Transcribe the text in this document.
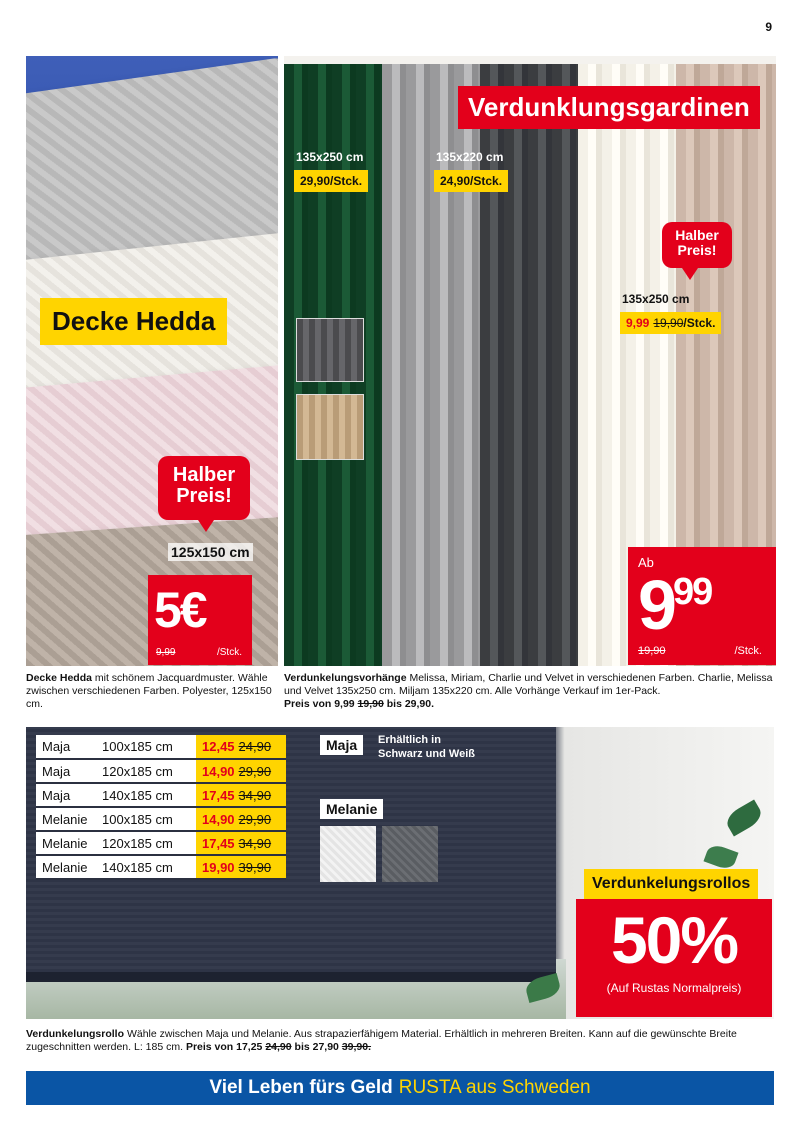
9
Decke Hedda
Halber
Preis!
125x150 cm
5€
9,99	/Stck.
Decke Hedda mit schönem Jacquardmuster. Wähle zwischen verschiedenen Farben. Polyester, 125x150 cm.
Verdunklungsgardinen
135x250 cm
29,90/Stck.
135x220 cm
24,90/Stck.
Halber
Preis!
135x250 cm
9,99 19,90/Stck.
Ab
$9^{99}$
19,90	/Stck.
Verdunkelungsvorhänge Melissa, Miriam, Charlie und Velvet in verschiedenen Farben. Charlie, Melissa und Velvet 135x250 cm. Miljam 135x220 cm. Alle Vorhänge Verkauf im 1er-Pack.
Preis von 9,99 19,90 bis 29,90.
Maja	100x185 cm	12,45 24,90
Maja	120x185 cm	14,90 29,90
Maja	140x185 cm	17,45 34,90
Melanie	100x185 cm	14,90 29,90
Melanie	120x185 cm	17,45 34,90
Melanie	140x185 cm	19,90 39,90
Maja	Erhältlich in
Schwarz und Weiß
Melanie
Verdunkelungsrollos
50%
(Auf Rustas Normalpreis)
Verdunkelungsrollo Wähle zwischen Maja und Melanie. Aus strapazierfähigem Material. Erhältlich in mehreren Breiten. Kann auf die gewünschte Breite zugeschnitten werden. L: 185 cm. Preis von 17,25 24,90 bis 27,90 39,90.
Viel Leben fürs Geld RUSTA aus Schweden
